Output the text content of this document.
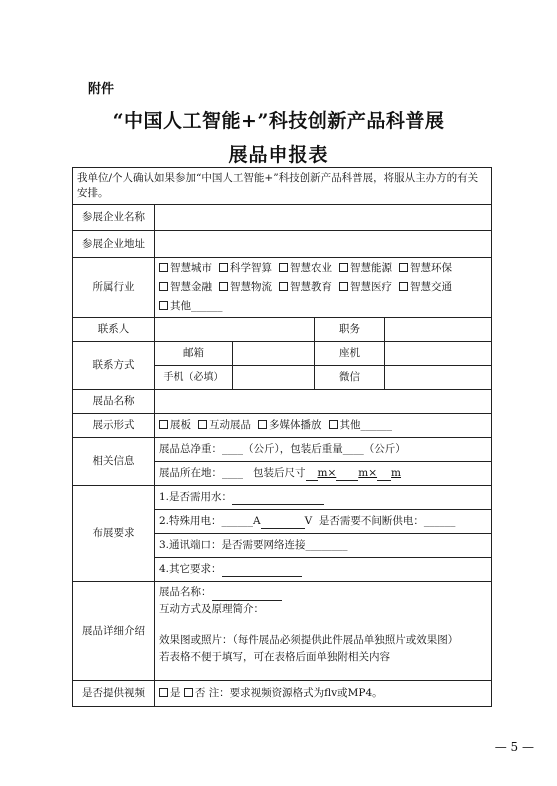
附件
“中国人工智能+”科技创新产品科普展
展品申报表
我单位/个人确认如果参加“中国人工智能+”科技创新产品科普展，将服从主办方的有关安排。				
参展企业名称				
参展企业地址				
所属行业	智慧城市 科学智算 智慧农业 智慧能源 智慧环保
智慧金融 智慧物流 智慧教育 智慧医疗 智慧交通
其他______			

联系人			职务	
联系方式	邮箱		座机	
	手机（必填）		微信	
展品名称				
展示形式	展板 互动展品 多媒体播放 其他______			
相关信息	展品总净重：____（公斤），包装后重量____（公斤）			
	展品所在地：____ 包装后尺寸 m× m× m			
布展要求	1.是否需用水：			
	2.特殊用电：______A V 是否需要不间断供电：______			
	3.通讯端口：是否需要网络连接________			
	4.其它要求：			
展品详细介绍	展品名称：
互动方式及原理简介：
效果图或照片：（每件展品必须提供此件展品单独照片或效果图）
若表格不便于填写，可在表格后面单独附相关内容			

是否提供视频	是 否 注：要求视频资源格式为flv或MP4。			
— 5 —
